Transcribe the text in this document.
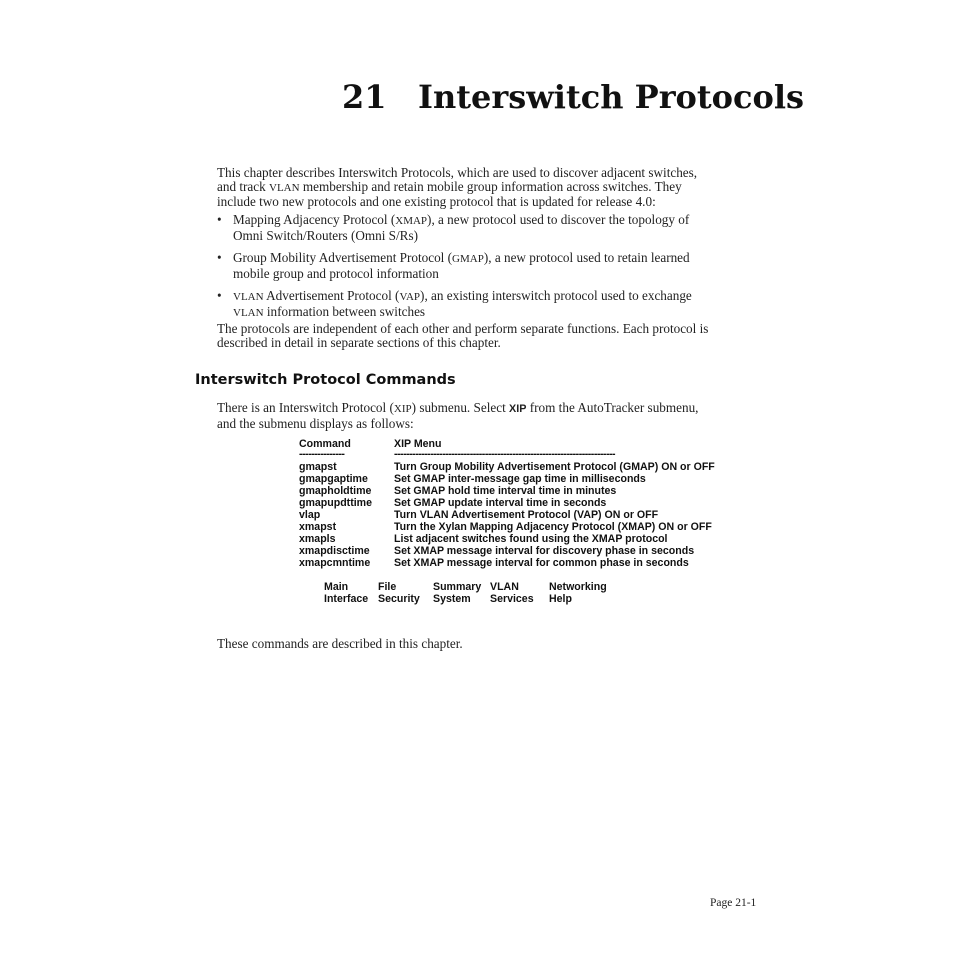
21 Interswitch Protocols

This chapter describes Interswitch Protocols, which are used to discover adjacent switches,
and track VLAN membership and retain mobile group information across switches. They
include two new protocols and one existing protocol that is updated for release 4.0:

• Mapping Adjacency Protocol (XMAP), a new protocol used to discover the topology of
Omni Switch/Routers (Omni S/Rs)
• Group Mobility Advertisement Protocol (GMAP), a new protocol used to retain learned
mobile group and protocol information
• VLAN Advertisement Protocol (VAP), an existing interswitch protocol used to exchange
VLAN information between switches

The protocols are independent of each other and perform separate functions. Each protocol is
described in detail in separate sections of this chapter.

Interswitch Protocol Commands

There is an Interswitch Protocol (XIP) submenu. Select XIP from the AutoTracker submenu,
and the submenu displays as follows:

Command	XIP Menu
---------------	-------------------------------------------------------------------------
gmapst	Turn Group Mobility Advertisement Protocol (GMAP) ON or OFF
gmapgaptime	Set GMAP inter-message gap time in milliseconds
gmapholdtime	Set GMAP hold time interval time in minutes
gmapupdttime	Set GMAP update interval time in seconds
vlap	Turn VLAN Advertisement Protocol (VAP) ON or OFF
xmapst	Turn the Xylan Mapping Adjacency Protocol (XMAP) ON or OFF
xmapls	List adjacent switches found using the XMAP protocol
xmapdisctime	Set XMAP message interval for discovery phase in seconds
xmapcmntime	Set XMAP message interval for common phase in seconds
Main	File	Summary	VLAN	Networking
Interface	Security	System	Services	Help

These commands are described in this chapter.

Page 21-1
